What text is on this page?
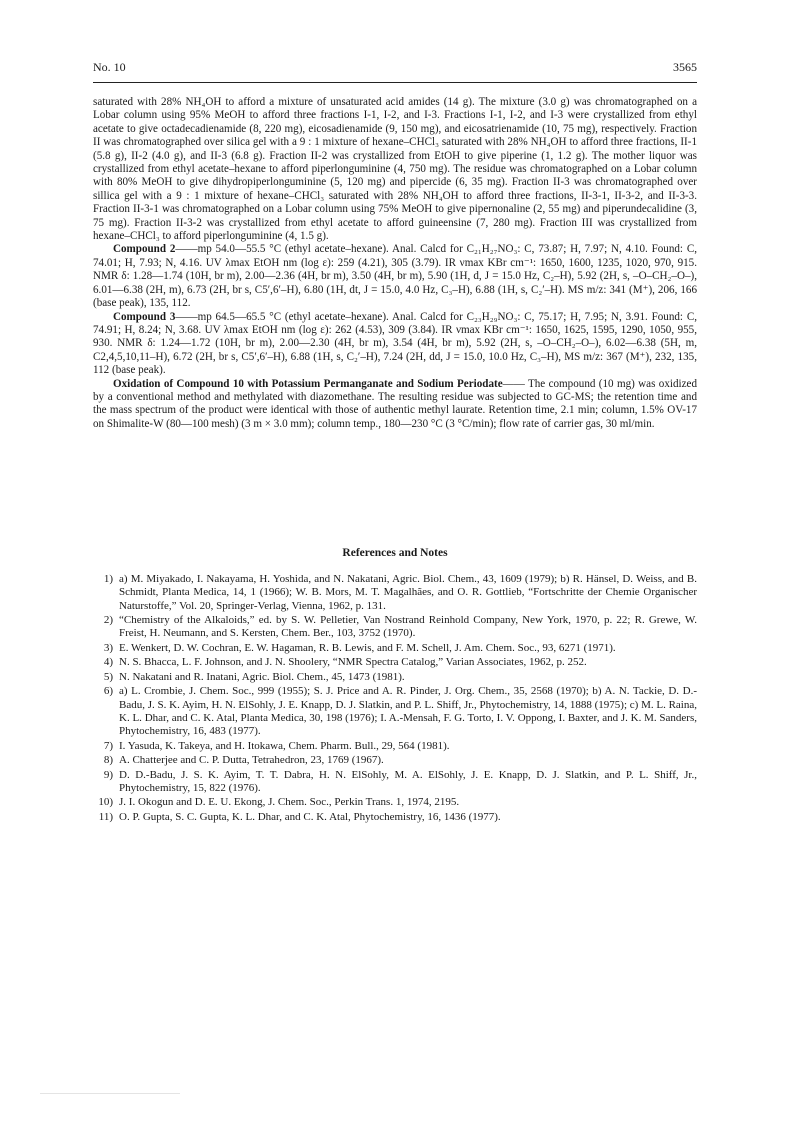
No. 10	3565

saturated with 28% NH₄OH to afford a mixture of unsaturated acid amides (14 g). The mixture (3.0 g) was chromatographed on a Lobar column using 95% MeOH to afford three fractions I-1, I-2, and I-3. Fractions I-1, I-2, and I-3 were crystallized from ethyl acetate to give octadecadienamide (8, 220 mg), eicosadienamide (9, 150 mg), and eicosatrienamide (10, 75 mg), respectively. Fraction II was chromatographed over silica gel with a 9 : 1 mixture of hexane–CHCl₃ saturated with 28% NH₄OH to afford three fractions, II-1 (5.8 g), II-2 (4.0 g), and II-3 (6.8 g). Fraction II-2 was crystallized from EtOH to give piperine (1, 1.2 g). The mother liquor was crystallized from ethyl acetate–hexane to afford piperlonguminine (4, 750 mg). The residue was chromatographed on a Lobar column with 80% MeOH to give dihydropiperlonguminine (5, 120 mg) and pipercide (6, 35 mg). Fraction II-3 was chromatographed over sillica gel with a 9 : 1 mixture of hexane–CHCl₃ saturated with 28% NH₄OH to afford three fractions, II-3-1, II-3-2, and II-3-3. Fraction II-3-1 was chromatographed on a Lobar column using 75% MeOH to give pipernonaline (2, 55 mg) and piperundecalidine (3, 75 mg). Fraction II-3-2 was crystallized from ethyl acetate to afford guineensine (7, 280 mg). Fraction III was crystallized from hexane–CHCl₃ to afford piperlonguminine (4, 1.5 g).

Compound 2——mp 54.0—55.5 °C (ethyl acetate–hexane). Anal. Calcd for C₂₁H₂₇NO₃: C, 73.87; H, 7.97; N, 4.10. Found: C, 74.01; H, 7.93; N, 4.16. UV λmax EtOH nm (log ε): 259 (4.21), 305 (3.79). IR νmax KBr cm⁻¹: 1650, 1600, 1235, 1020, 970, 915. NMR δ: 1.28—1.74 (10H, br m), 2.00—2.36 (4H, br m), 3.50 (4H, br m), 5.90 (1H, d, J = 15.0 Hz, C₂–H), 5.92 (2H, s, –O–CH₂–O–), 6.01—6.38 (2H, m), 6.73 (2H, br s, C5′,6′–H), 6.80 (1H, dt, J = 15.0, 4.0 Hz, C₃–H), 6.88 (1H, s, C₂′–H). MS m/z: 341 (M⁺), 206, 166 (base peak), 135, 112.

Compound 3——mp 64.5—65.5 °C (ethyl acetate–hexane). Anal. Calcd for C₂₃H₂₉NO₃: C, 75.17; H, 7.95; N, 3.91. Found: C, 74.91; H, 8.24; N, 3.68. UV λmax EtOH nm (log ε): 262 (4.53), 309 (3.84). IR νmax KBr cm⁻¹: 1650, 1625, 1595, 1290, 1050, 955, 930. NMR δ: 1.24—1.72 (10H, br m), 2.00—2.30 (4H, br m), 3.54 (4H, br m), 5.92 (2H, s, –O–CH₂–O–), 6.02—6.38 (5H, m, C2,4,5,10,11–H), 6.72 (2H, br s, C5′,6′–H), 6.88 (1H, s, C₂′–H), 7.24 (2H, dd, J = 15.0, 10.0 Hz, C₃–H), MS m/z: 367 (M⁺), 232, 135, 112 (base peak).

Oxidation of Compound 10 with Potassium Permanganate and Sodium Periodate—— The compound (10 mg) was oxidized by a conventional method and methylated with diazomethane. The resulting residue was subjected to GC-MS; the retention time and the mass spectrum of the product were identical with those of authentic methyl laurate. Retention time, 2.1 min; column, 1.5% OV-17 on Shimalite-W (80—100 mesh) (3 m × 3.0 mm); column temp., 180—230 °C (3 °C/min); flow rate of carrier gas, 30 ml/min.

References and Notes
1) a) M. Miyakado, I. Nakayama, H. Yoshida, and N. Nakatani, Agric. Biol. Chem., 43, 1609 (1979); b) R. Hänsel, D. Weiss, and B. Schmidt, Planta Medica, 14, 1 (1966); W. B. Mors, M. T. Magalhães, and O. R. Gottlieb, “Fortschritte der Chemie Organischer Naturstoffe,” Vol. 20, Springer-Verlag, Vienna, 1962, p. 131.
2) “Chemistry of the Alkaloids,” ed. by S. W. Pelletier, Van Nostrand Reinhold Company, New York, 1970, p. 22; R. Grewe, W. Freist, H. Neumann, and S. Kersten, Chem. Ber., 103, 3752 (1970).
3) E. Wenkert, D. W. Cochran, E. W. Hagaman, R. B. Lewis, and F. M. Schell, J. Am. Chem. Soc., 93, 6271 (1971).
4) N. S. Bhacca, L. F. Johnson, and J. N. Shoolery, “NMR Spectra Catalog,” Varian Associates, 1962, p. 252.
5) N. Nakatani and R. Inatani, Agric. Biol. Chem., 45, 1473 (1981).
6) a) L. Crombie, J. Chem. Soc., 999 (1955); S. J. Price and A. R. Pinder, J. Org. Chem., 35, 2568 (1970); b) A. N. Tackie, D. D.-Badu, J. S. K. Ayim, H. N. ElSohly, J. E. Knapp, D. J. Slatkin, and P. L. Shiff, Jr., Phytochemistry, 14, 1888 (1975); c) M. L. Raina, K. L. Dhar, and C. K. Atal, Planta Medica, 30, 198 (1976); I. A.-Mensah, F. G. Torto, I. V. Oppong, I. Baxter, and J. K. M. Sanders, Phytochemistry, 16, 483 (1977).
7) I. Yasuda, K. Takeya, and H. Itokawa, Chem. Pharm. Bull., 29, 564 (1981).
8) A. Chatterjee and C. P. Dutta, Tetrahedron, 23, 1769 (1967).
9) D. D.-Badu, J. S. K. Ayim, T. T. Dabra, H. N. ElSohly, M. A. ElSohly, J. E. Knapp, D. J. Slatkin, and P. L. Shiff, Jr., Phytochemistry, 15, 822 (1976).
10) J. I. Okogun and D. E. U. Ekong, J. Chem. Soc., Perkin Trans. 1, 1974, 2195.
11) O. P. Gupta, S. C. Gupta, K. L. Dhar, and C. K. Atal, Phytochemistry, 16, 1436 (1977).
